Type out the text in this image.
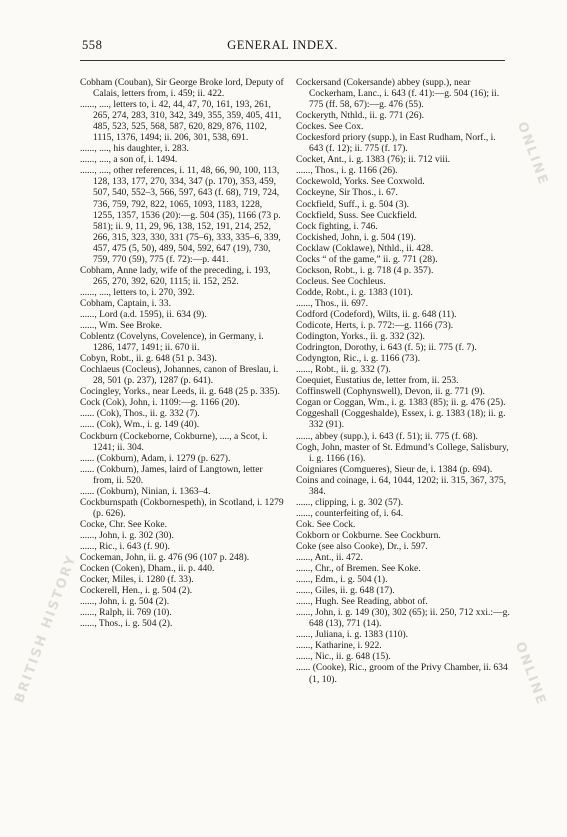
558	GENERAL INDEX.

Cobham (Couban), Sir George Broke lord, Deputy of Calais, letters from, i. 459; ii. 422.

......, ...., letters to, i. 42, 44, 47, 70, 161, 193, 261, 265, 274, 283, 310, 342, 349, 355, 359, 405, 411, 485, 523, 525, 568, 587, 620, 829, 876, 1102, 1115, 1376, 1494; ii. 206, 301, 538, 691.

......, ...., his daughter, i. 283.

......, ...., a son of, i. 1494.

......, ...., other references, i. 11, 48, 66, 90, 100, 113, 128, 133, 177, 270, 334, 347 (p. 170), 353, 459, 507, 540, 552–3, 566, 597, 643 (f. 68), 719, 724, 736, 759, 792, 822, 1065, 1093, 1183, 1228, 1255, 1357, 1536 (20):—g. 504 (35), 1166 (73 p. 581); ii. 9, 11, 29, 96, 138, 152, 191, 214, 252, 266, 315, 323, 330, 331 (75–6), 333, 335–6, 339, 457, 475 (5, 50), 489, 504, 592, 647 (19), 730, 759, 770 (59), 775 (f. 72):—p. 441.

Cobham, Anne lady, wife of the preceding, i. 193, 265, 270, 392, 620, 1115; ii. 152, 252.

......, ...., letters to, i. 270, 392.

Cobham, Captain, i. 33.

......, Lord (a.d. 1595), ii. 634 (9).

......, Wm. See Broke.

Coblentz (Covelyns, Covelence), in Germany, i. 1286, 1477, 1491; ii. 670 ii.

Cobyn, Robt., ii. g. 648 (51 p. 343).

Cochlaeus (Cocleus), Johannes, canon of Breslau, i. 28, 501 (p. 237), 1287 (p. 641).

Cocingley, Yorks., near Leeds, ii. g. 648 (25 p. 335).

Cock (Cok), John, i. 1109:—g. 1166 (20).

...... (Cok), Thos., ii. g. 332 (7).

...... (Cok), Wm., i. g. 149 (40).

Cockburn (Cockeborne, Cokburne), ...., a Scot, i. 1241; ii. 304.

...... (Cokburn), Adam, i. 1279 (p. 627).

...... (Cokburn), James, laird of Langtown, letter from, ii. 520.

...... (Cokburn), Ninian, i. 1363–4.

Cockburnspath (Cokbornespeth), in Scotland, i. 1279 (p. 626).

Cocke, Chr. See Koke.

......, John, i. g. 302 (30).

......, Ric., i. 643 (f. 90).

Cockeman, John, ii. g. 476 (96 (107 p. 248).

Cocken (Coken), Dham., ii. p. 440.

Cocker, Miles, i. 1280 (f. 33).

Cockerell, Hen., i. g. 504 (2).

......, John, i. g. 504 (2).

......, Ralph, ii. 769 (10).

......, Thos., i. g. 504 (2).

Cockersand (Cokersande) abbey (supp.), near Cockerham, Lanc., i. 643 (f. 41):—g. 504 (16); ii. 775 (ff. 58, 67):—g. 476 (55).

Cockeryth, Nthld., ii. g. 771 (26).

Cockes. See Cox.

Cockesford priory (supp.), in East Rudham, Norf., i. 643 (f. 12); ii. 775 (f. 17).

Cocket, Ant., i. g. 1383 (76); ii. 712 viii.

......, Thos., i. g. 1166 (26).

Cockewold, Yorks. See Coxwold.

Cockeyne, Sir Thos., i. 67.

Cockfield, Suff., i. g. 504 (3).

Cockfield, Suss. See Cuckfield.

Cock fighting, i. 746.

Cockished, John, i. g. 504 (19).

Cocklaw (Coklawe), Nthld., ii. 428.

Cocks “ of the game,” ii. g. 771 (28).

Cockson, Robt., i. g. 718 (4 p. 357).

Cocleus. See Cochleus.

Codde, Robt., i. g. 1383 (101).

......, Thos., ii. 697.

Codford (Codeford), Wilts, ii. g. 648 (11).

Codicote, Herts, i. p. 772:—g. 1166 (73).

Codington, Yorks., ii. g. 332 (32).

Codrington, Dorothy, i. 643 (f. 5); ii. 775 (f. 7).

Codyngton, Ric., i. g. 1166 (73).

......, Robt., ii. g. 332 (7).

Coequiet, Eustatius de, letter from, ii. 253.

Coffinswell (Cophynswell), Devon, ii. g. 771 (9).

Cogan or Coggan, Wm., i. g. 1383 (85); ii. g. 476 (25).

Coggeshall (Coggeshalde), Essex, i. g. 1383 (18); ii. g. 332 (91).

......, abbey (supp.), i. 643 (f. 51); ii. 775 (f. 68).

Cogh, John, master of St. Edmund’s College, Salisbury, i. g. 1166 (16).

Coigniares (Comgueres), Sieur de, i. 1384 (p. 694).

Coins and coinage, i. 64, 1044, 1202; ii. 315, 367, 375, 384.

......, clipping, i. g. 302 (57).

......, counterfeiting of, i. 64.

Cok. See Cock.

Cokborn or Cokburne. See Cockburn.

Coke (see also Cooke), Dr., i. 597.

......, Ant., ii. 472.

......, Chr., of Bremen. See Koke.

......, Edm., i. g. 504 (1).

......, Giles, ii. g. 648 (17).

......, Hugh. See Reading, abbot of.

......, John, i. g. 149 (30), 302 (65); ii. 250, 712 xxi.:—g. 648 (13), 771 (14).

......, Juliana, i. g. 1383 (110).

......, Katharine, i. 922.

......, Nic., ii. g. 648 (15).

...... (Cooke), Ric., groom of the Privy Chamber, ii. 634 (1, 10).

ONLINE
BRITISH HISTORY	ONLINE
